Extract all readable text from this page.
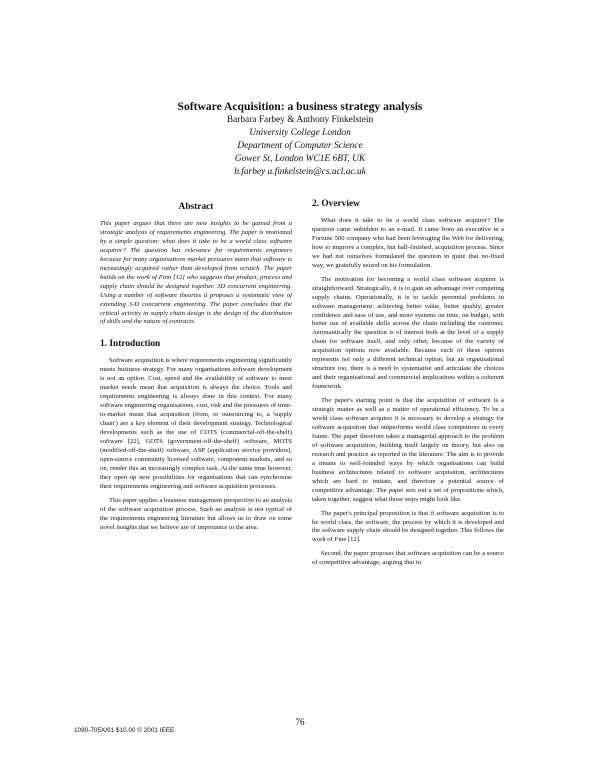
Software Acquisition: a business strategy analysis
Barbara Farbey & Anthony Finkelstein
University College London
Department of Computer Science
Gower St, London WC1E 6BT, UK
b.farbey a.finkelstein@cs.ucl.ac.uk
Abstract

This paper argues that there are new insights to be gained from a strategic analysis of requirements engineering. The paper is motivated by a simple question: what does it take to be a world class software acquirer? The question has relevance for requirements engineers because for many organisations market pressures mean that software is increasingly acquired rather than developed from scratch. The paper builds on the work of Finn [12] who suggests that product, process and supply chain should be designed together. 3D concurrent engineering. Using a number of software theories it proposes a systematic view of extending 3-D concurrent engineering. The paper concludes that the critical activity in supply chain design is the design of the distribution of skills and the nature of contracts.

1. Introduction

Software acquisition is where requirements engineering significantly meets business strategy. For many organisations software development is not an option. Cost, speed and the availability of software to meet market needs mean that acquisition is always the choice. Tools and requirements engineering is always done in this context. For many software engineering organisations, cost, risk and the pressures of time-to-market mean that acquisition (from, or outsourcing to, a 'supply chain') are a key element of their development strategy. Technological developments such as the use of COTS (commercial-off-the-shelf) software [22], GOTS (government-off-the-shelf) software, MOTS (modified-off-the-shelf) software, ASP (application service providers), open-source community licensed software, component markets, and so on, render this an increasingly complex task. At the same time however, they open up new possibilities for organisations that can synchronise their requirements engineering and software acquisition processes.

This paper applies a business management perspective to an analysis of the software acquisition process. Such an analysis is not typical of the requirements engineering literature but allows us to draw on some novel insights that we believe are of importance to the area.

2. Overview

What does it take to be a world class software acquirer? The question came unbidden to an e-mail. It came from an executive in a Fortune 500 company who had been leveraging the Web for delivering, how to improve a complex, but half-finished, acquisition process. Since we had not ourselves formulated the question in quite that no-fixed way, we gratefully seized on his formulation.

The motivation for becoming a world class software acquirer is straightforward. Strategically, it is to gain an advantage over competing supply chains. Operationally, it is to tackle perennial problems in software management: achieving better value, better quality, greater confidence and ease of use, and more systems on time, on budget, with better use of available skills across the chain including the customer. Aeronautically the question is of interest both at the level of a supply chain for software itself, and only other, because of the variety of acquisition options now available. Because each of these options represents not only a different technical option, but an organisational structure too, there is a need to systematise and articulate the choices and their organisational and commercial implications within a coherent framework.

The paper's starting point is that the acquisition of software is a strategic matter as well as a matter of operational efficiency. To be a world class software acquirer it is necessary to develop a strategy for software acquisition that outperforms world class competitors in every frame. The paper therefore takes a managerial approach to the problem of software acquisition, building itself largely on theory, but also on research and practice as reported in the literature. The aim is to provide a means to well-founded ways by which organisations can build business architectures related to software acquisition, architectures which are hard to imitate, and therefore a potential source of competitive advantage. The paper sets out a set of propositions which, taken together, suggest what those steps might look like.

The paper's principal proposition is that if software acquisition is to be world class, the software, the process by which it is developed and the software supply chain should be designed together. This follows the work of Fine [12].

Second, the paper proposes that software acquisition can be a source of competitive advantage, arguing that in

76
1090-705X/01 $10.00 © 2001 IEEE
